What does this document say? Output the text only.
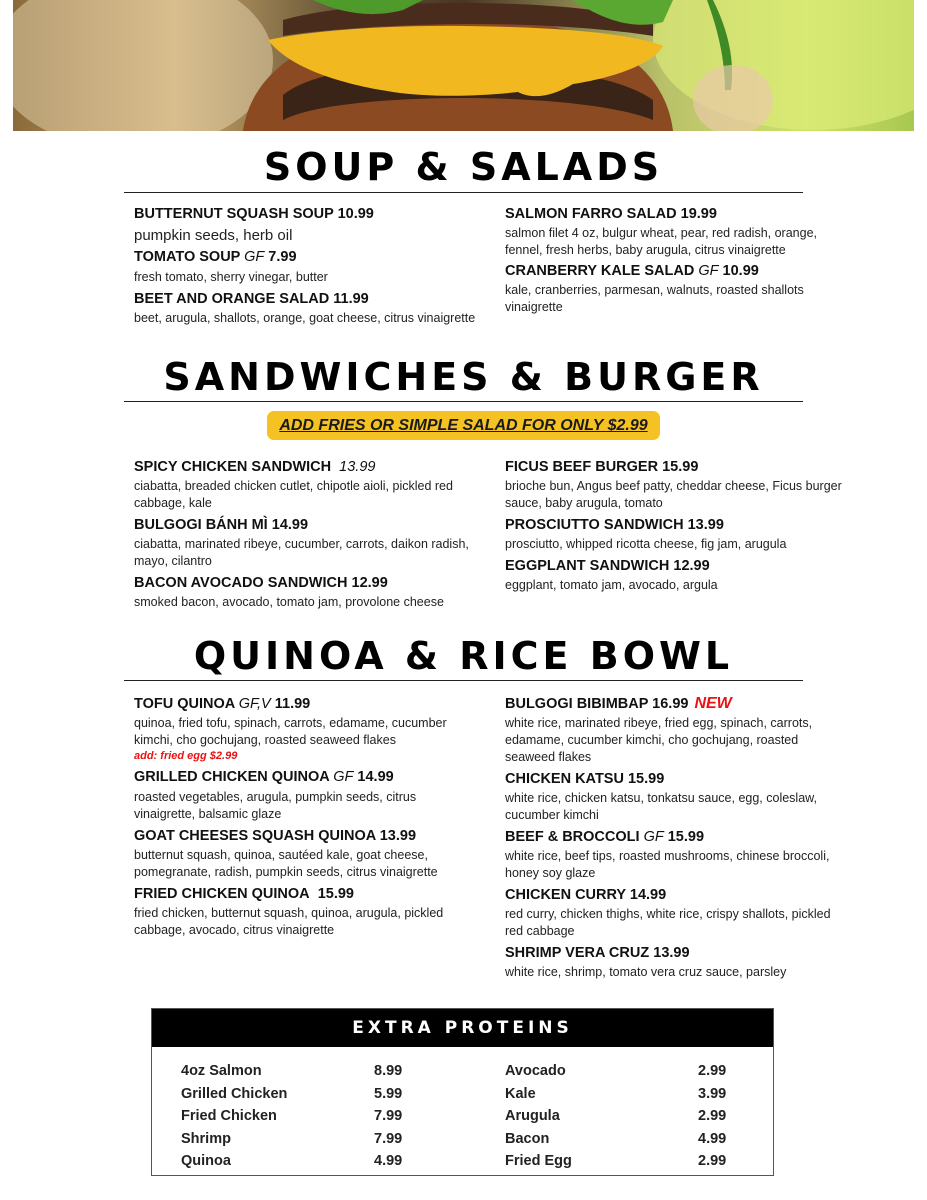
SOUP & SALADS
BUTTERNUT SQUASH SOUP 10.99
pumpkin seeds, herb oil
TOMATO SOUP GF 7.99
fresh tomato, sherry vinegar, butter
BEET AND ORANGE SALAD 11.99
beet, arugula, shallots, orange, goat cheese, citrus vinaigrette
SALMON FARRO SALAD 19.99
salmon filet 4 oz, bulgur wheat, pear, red radish, orange, fennel, fresh herbs, baby arugula, citrus vinaigrette
CRANBERRY KALE SALAD GF 10.99
kale, cranberries, parmesan, walnuts, roasted shallots vinaigrette
SANDWICHES & BURGER
ADD FRIES OR SIMPLE SALAD FOR ONLY $2.99
SPICY CHICKEN SANDWICH 13.99
ciabatta, breaded chicken cutlet, chipotle aioli, pickled red cabbage, kale
BULGOGI BÁNH MÌ 14.99
ciabatta, marinated ribeye, cucumber, carrots, daikon radish, mayo, cilantro
BACON AVOCADO SANDWICH 12.99
smoked bacon, avocado, tomato jam, provolone cheese
FICUS BEEF BURGER 15.99
brioche bun, Angus beef patty, cheddar cheese, Ficus burger sauce, baby arugula, tomato
PROSCIUTTO SANDWICH 13.99
prosciutto, whipped ricotta cheese, fig jam, arugula
EGGPLANT SANDWICH 12.99
eggplant, tomato jam, avocado, argula
QUINOA & RICE BOWL
TOFU QUINOA GF,V 11.99
quinoa, fried tofu, spinach, carrots, edamame, cucumber kimchi, cho gochujang, roasted seaweed flakes
add: fried egg $2.99
GRILLED CHICKEN QUINOA GF 14.99
roasted vegetables, arugula, pumpkin seeds, citrus vinaigrette, balsamic glaze
GOAT CHEESES SQUASH QUINOA 13.99
butternut squash, quinoa, sautéed kale, goat cheese, pomegranate, radish, pumpkin seeds, citrus vinaigrette
FRIED CHICKEN QUINOA 15.99
fried chicken, butternut squash, quinoa, arugula, pickled cabbage, avocado, citrus vinaigrette
BULGOGI BIBIMBAP 16.99 NEW
white rice, marinated ribeye, fried egg, spinach, carrots, edamame, cucumber kimchi, cho gochujang, roasted seaweed flakes
CHICKEN KATSU 15.99
white rice, chicken katsu, tonkatsu sauce, egg, coleslaw, cucumber kimchi
BEEF & BROCCOLI GF 15.99
white rice, beef tips, roasted mushrooms, chinese broccoli, honey soy glaze
CHICKEN CURRY 14.99
red curry, chicken thighs, white rice, crispy shallots, pickled red cabbage
SHRIMP VERA CRUZ 13.99
white rice, shrimp, tomato vera cruz sauce, parsley
EXTRA PROTEINS
4oz Salmon	8.99
Grilled Chicken	5.99
Fried Chicken	7.99
Shrimp	7.99
Quinoa	4.99
Avocado	2.99
Kale	3.99
Arugula	2.99
Bacon	4.99
Fried Egg	2.99
